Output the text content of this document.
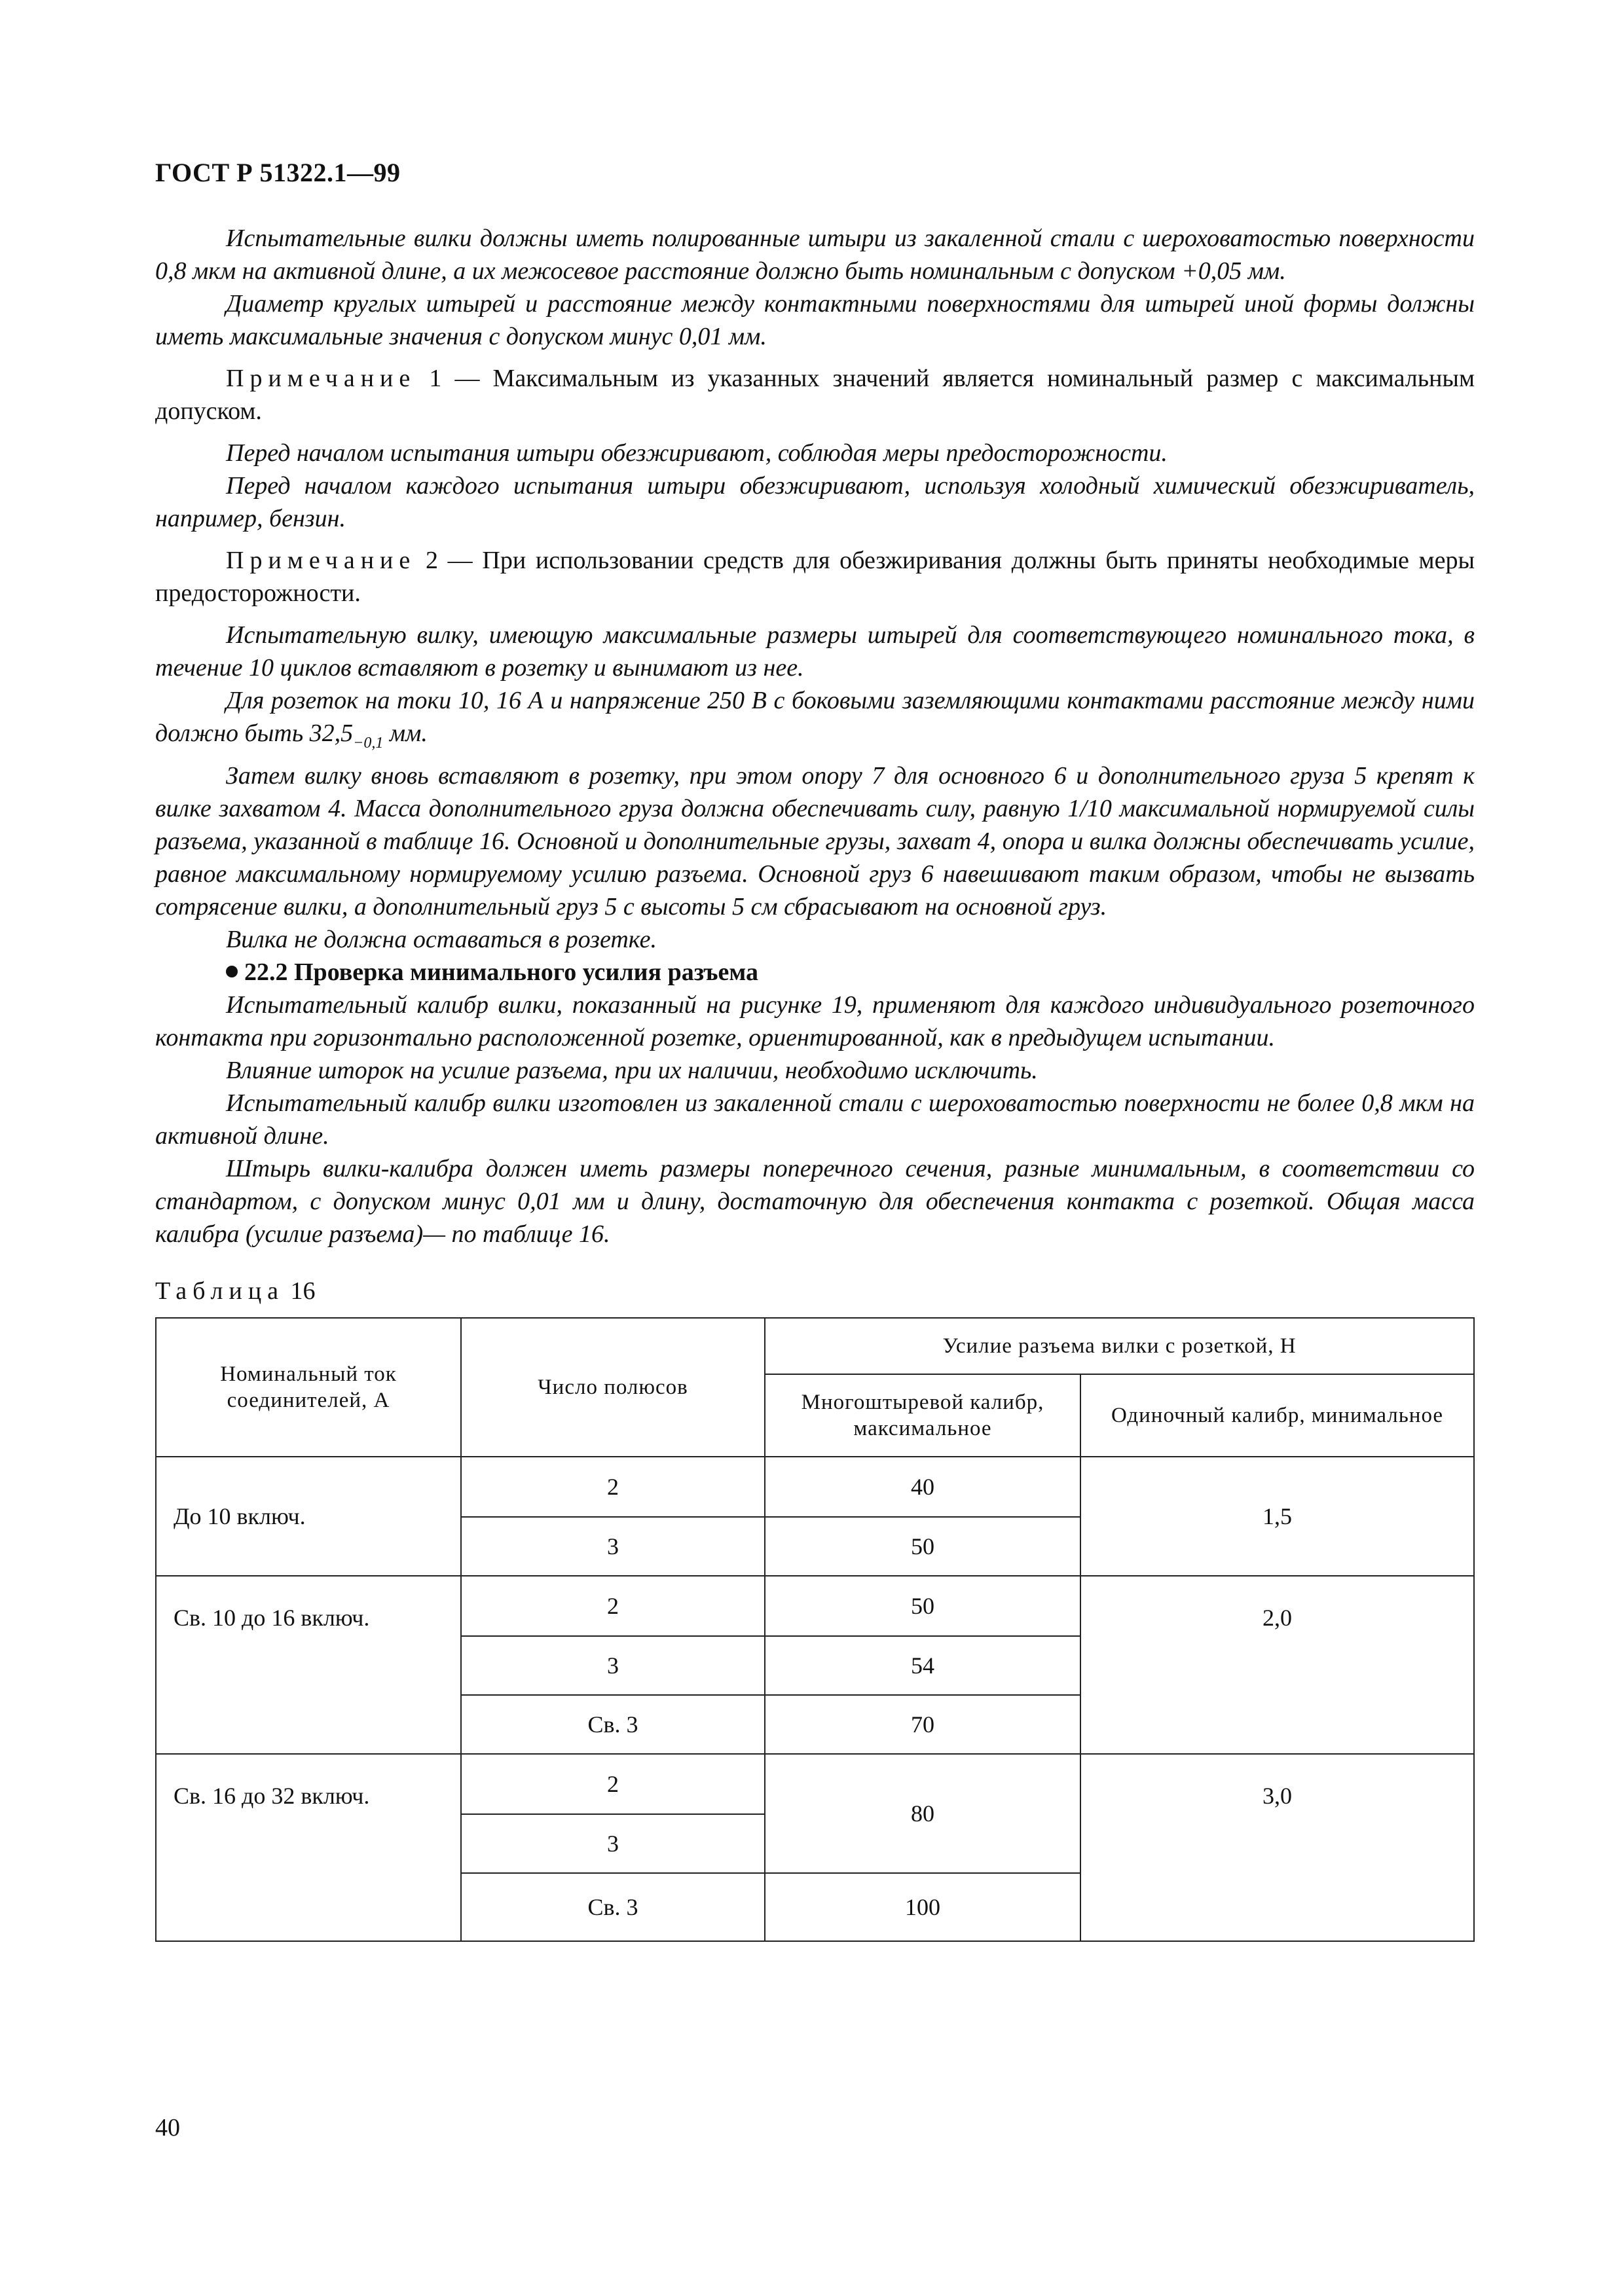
ГОСТ Р 51322.1—99

Испытательные вилки должны иметь полированные штыри из закаленной стали с шероховатостью поверхности 0,8 мкм на активной длине, а их межосевое расстояние должно быть номинальным с допуском +0,05 мм.

Диаметр круглых штырей и расстояние между контактными поверхностями для штырей иной формы должны иметь максимальные значения с допуском минус 0,01 мм.

Примечание 1 — Максимальным из указанных значений является номинальный размер с максимальным допуском.

Перед началом испытания штыри обезжиривают, соблюдая меры предосторожности.

Перед началом каждого испытания штыри обезжиривают, используя холодный химический обезжириватель, например, бензин.

Примечание 2 — При использовании средств для обезжиривания должны быть приняты необходимые меры предосторожности.

Испытательную вилку, имеющую максимальные размеры штырей для соответствующего номинального тока, в течение 10 циклов вставляют в розетку и вынимают из нее.

Для розеток на токи 10, 16 А и напряжение 250 В с боковыми заземляющими контактами расстояние между ними должно быть $32,5_{-0,1}$ мм.

Затем вилку вновь вставляют в розетку, при этом опору 7 для основного 6 и дополнительного груза 5 крепят к вилке захватом 4. Масса дополнительного груза должна обеспечивать силу, равную 1/10 максимальной нормируемой силы разъема, указанной в таблице 16. Основной и дополнительные грузы, захват 4, опора и вилка должны обеспечивать усилие, равное максимальному нормируемому усилию разъема. Основной груз 6 навешивают таким образом, чтобы не вызвать сотрясение вилки, а дополнительный груз 5 с высоты 5 см сбрасывают на основной груз.

Вилка не должна оставаться в розетке.

22.2 Проверка минимального усилия разъема

Испытательный калибр вилки, показанный на рисунке 19, применяют для каждого индивидуального розеточного контакта при горизонтально расположенной розетке, ориентированной, как в предыдущем испытании.

Влияние шторок на усилие разъема, при их наличии, необходимо исключить.

Испытательный калибр вилки изготовлен из закаленной стали с шероховатостью поверхности не более 0,8 мкм на активной длине.

Штырь вилки-калибра должен иметь размеры поперечного сечения, разные минимальным, в соответствии со стандартом, с допуском минус 0,01 мм и длину, достаточную для обеспечения контакта с розеткой. Общая масса калибра (усилие разъема)— по таблице 16.

Таблица 16
Номинальный ток соединителей, А	Число полюсов	Усилие разъема вилки с розеткой, Н	
		Многоштыревой калибр, максимальное	Одиночный калибр, минимальное
До 10 включ.	2	40	1,5
	3	50	
Св. 10 до 16 включ.	2	50	2,0
	3	54	
	Св. 3	70	
Св. 16 до 32 включ.	2	80	3,0
	3		
	Св. 3	100	
40
